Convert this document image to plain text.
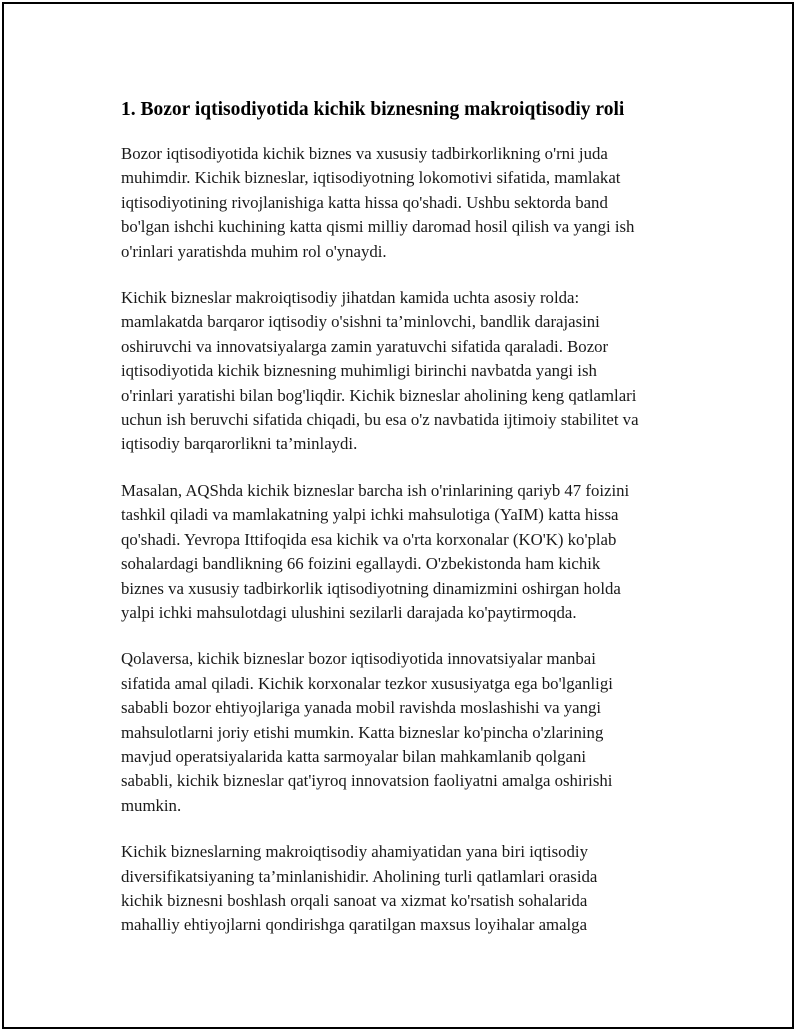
1. Bozor iqtisodiyotida kichik biznesning makroiqtisodiy roli

Bozor iqtisodiyotida kichik biznes va xususiy tadbirkorlikning o'rni juda
muhimdir. Kichik bizneslar, iqtisodiyotning lokomotivi sifatida, mamlakat
iqtisodiyotining rivojlanishiga katta hissa qo'shadi. Ushbu sektorda band
bo'lgan ishchi kuchining katta qismi milliy daromad hosil qilish va yangi ish
o'rinlari yaratishda muhim rol o'ynaydi.

Kichik bizneslar makroiqtisodiy jihatdan kamida uchta asosiy rolda:
mamlakatda barqaror iqtisodiy o'sishni ta’minlovchi, bandlik darajasini
oshiruvchi va innovatsiyalarga zamin yaratuvchi sifatida qaraladi. Bozor
iqtisodiyotida kichik biznesning muhimligi birinchi navbatda yangi ish
o'rinlari yaratishi bilan bog'liqdir. Kichik bizneslar aholining keng qatlamlari
uchun ish beruvchi sifatida chiqadi, bu esa o'z navbatida ijtimoiy stabilitet va
iqtisodiy barqarorlikni ta’minlaydi.

Masalan, AQShda kichik bizneslar barcha ish o'rinlarining qariyb 47 foizini
tashkil qiladi va mamlakatning yalpi ichki mahsulotiga (YaIM) katta hissa
qo'shadi. Yevropa Ittifoqida esa kichik va o'rta korxonalar (KO'K) ko'plab
sohalardagi bandlikning 66 foizini egallaydi. O'zbekistonda ham kichik
biznes va xususiy tadbirkorlik iqtisodiyotning dinamizmini oshirgan holda
yalpi ichki mahsulotdagi ulushini sezilarli darajada ko'paytirmoqda.

Qolaversa, kichik bizneslar bozor iqtisodiyotida innovatsiyalar manbai
sifatida amal qiladi. Kichik korxonalar tezkor xususiyatga ega bo'lganligi
sababli bozor ehtiyojlariga yanada mobil ravishda moslashishi va yangi
mahsulotlarni joriy etishi mumkin. Katta bizneslar ko'pincha o'zlarining
mavjud operatsiyalarida katta sarmoyalar bilan mahkamlanib qolgani
sababli, kichik bizneslar qat'iyroq innovatsion faoliyatni amalga oshirishi
mumkin.

Kichik bizneslarning makroiqtisodiy ahamiyatidan yana biri iqtisodiy
diversifikatsiyaning ta’minlanishidir. Aholining turli qatlamlari orasida
kichik biznesni boshlash orqali sanoat va xizmat ko'rsatish sohalarida
mahalliy ehtiyojlarni qondirishga qaratilgan maxsus loyihalar amalga
